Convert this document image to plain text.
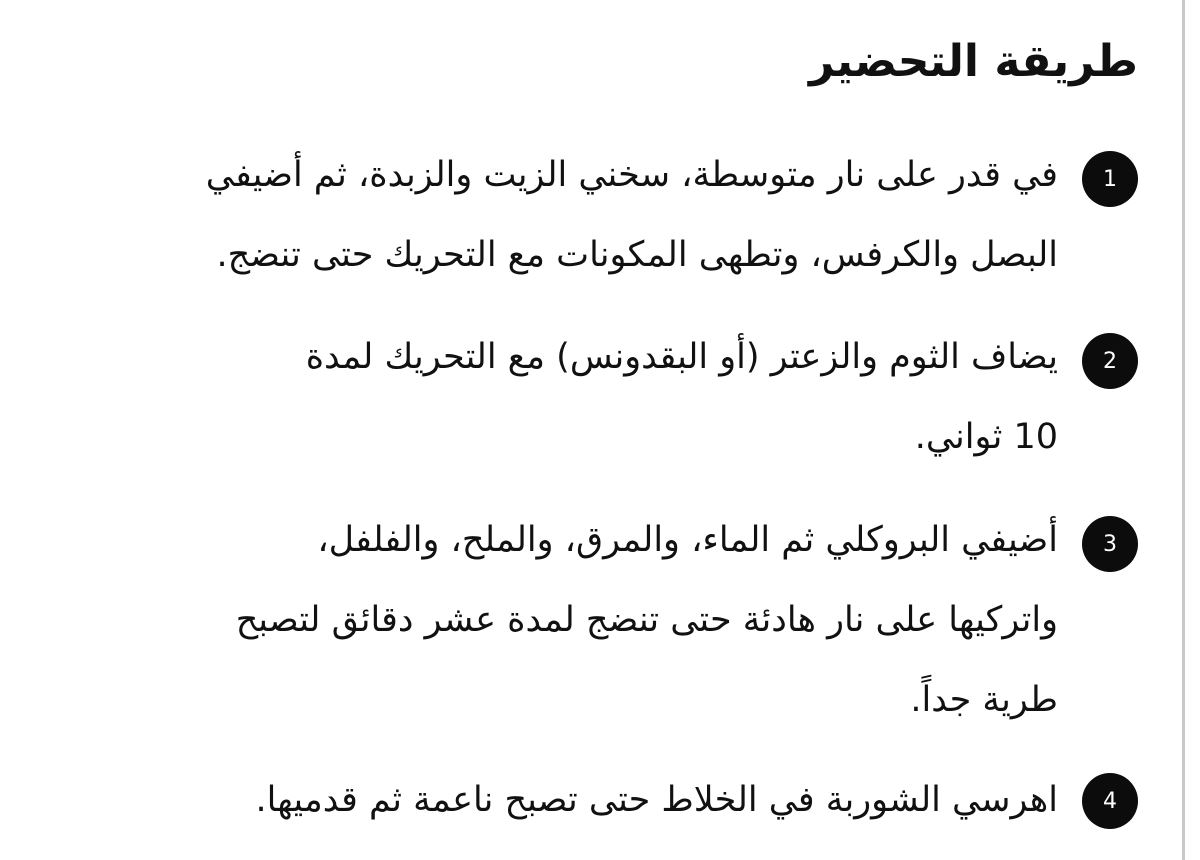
طريقة التحضير
1

في قدر على نار متوسطة، سخني الزيت والزبدة، ثم أضيفي
البصل والكرفس، وتطهى المكونات مع التحريك حتى تنضج.

2

يضاف الثوم والزعتر (أو البقدونس) مع التحريك لمدة
10 ثواني.

3

أضيفي البروكلي ثم الماء، والمرق، والملح، والفلفل،
واتركيها على نار هادئة حتى تنضج لمدة عشر دقائق لتصبح
طرية جداً.

4

اهرسي الشوربة في الخلاط حتى تصبح ناعمة ثم قدميها.
